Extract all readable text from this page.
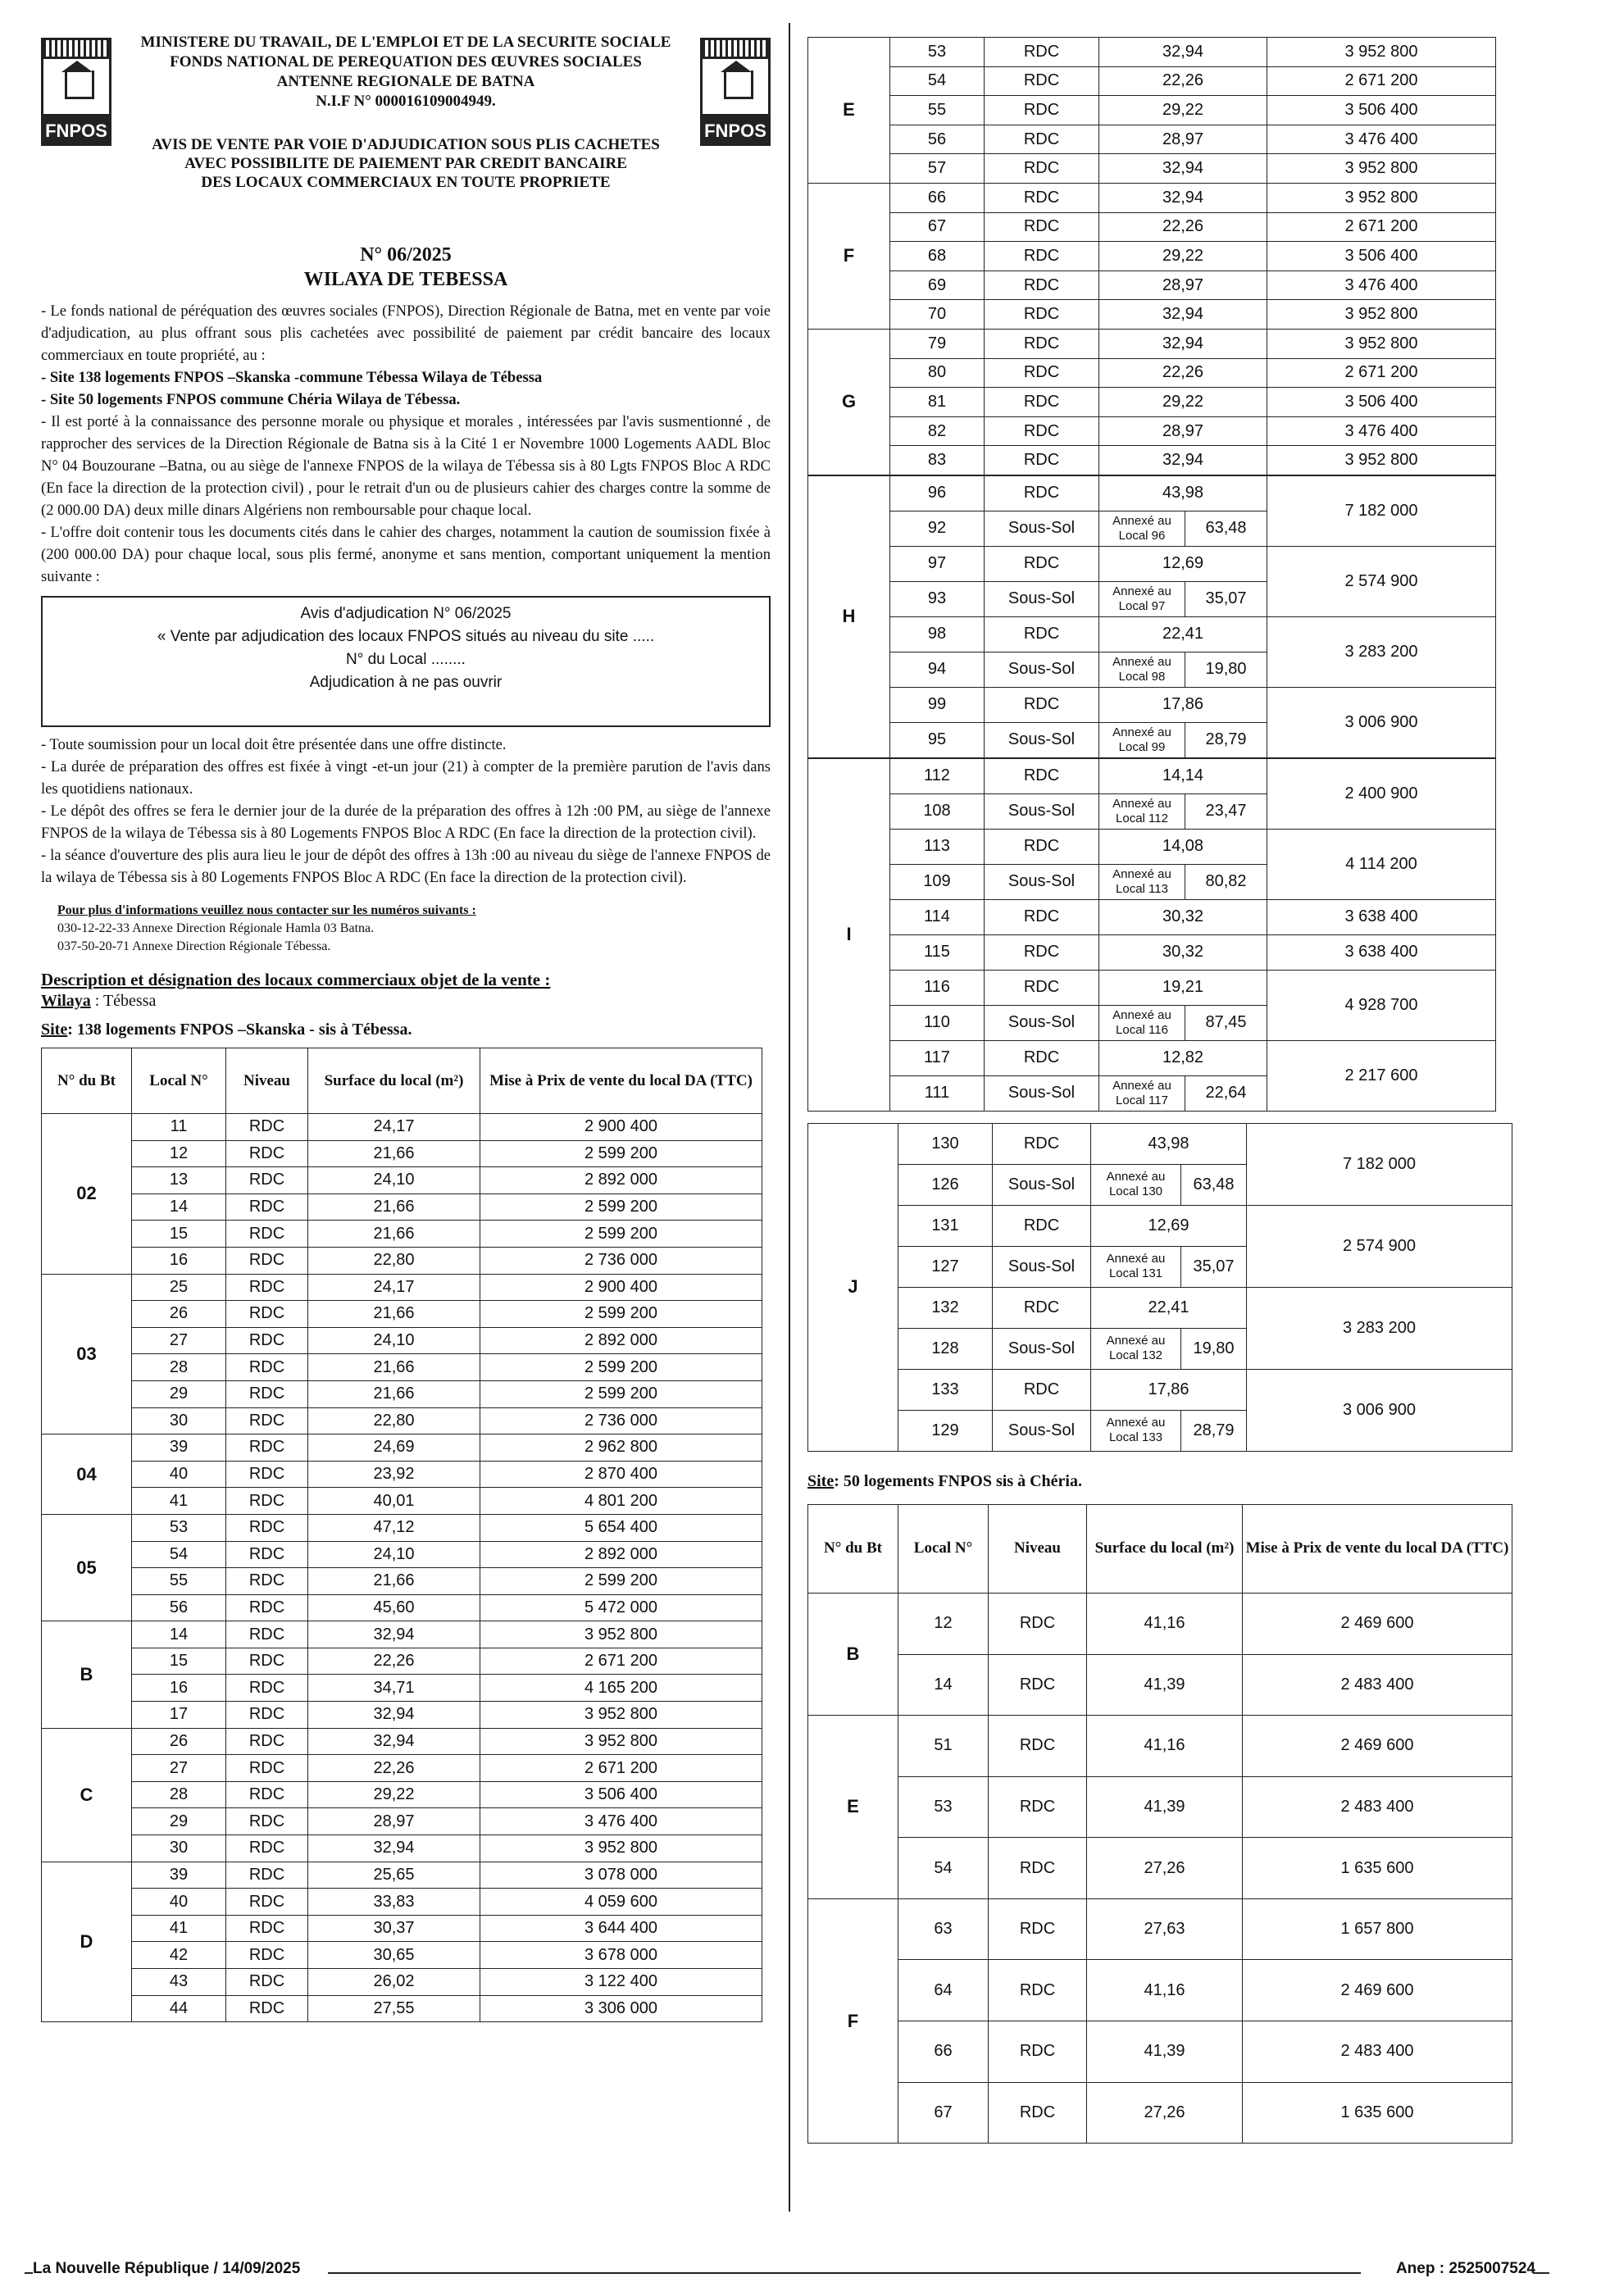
FNPOS	FNPOS
MINISTERE DU TRAVAIL, DE L'EMPLOI ET DE LA SECURITE SOCIALE
FONDS NATIONAL DE PEREQUATION DES ŒUVRES SOCIALES
ANTENNE REGIONALE DE BATNA
N.I.F N° 000016109004949.
AVIS DE VENTE PAR VOIE D'ADJUDICATION SOUS PLIS CACHETES
AVEC POSSIBILITE DE PAIEMENT PAR CREDIT BANCAIRE
DES LOCAUX COMMERCIAUX EN TOUTE PROPRIETE
N° 06/2025
WILAYA DE TEBESSA
- Le fonds national de péréquation des œuvres sociales (FNPOS), Direction Régionale de Batna, met en vente par voie d'adjudication, au plus offrant sous plis cachetées avec possibilité de paiement par crédit bancaire des locaux commerciaux en toute propriété, au :
- Site 138 logements FNPOS –Skanska -commune Tébessa Wilaya de Tébessa
- Site 50 logements FNPOS commune Chéria Wilaya de Tébessa.
- Il est porté à la connaissance des personne morale ou physique et morales , intéressées par l'avis susmentionné , de rapprocher des services de la Direction Régionale de Batna sis à la Cité 1 er Novembre 1000 Logements AADL Bloc N° 04 Bouzourane –Batna, ou au siège de l'annexe FNPOS de la wilaya de Tébessa sis à 80 Lgts FNPOS Bloc A RDC (En face la direction de la protection civil) , pour le retrait d'un ou de plusieurs cahier des charges contre la somme de (2 000.00 DA) deux mille dinars Algériens non remboursable pour chaque local.
- L'offre doit contenir tous les documents cités dans le cahier des charges, notamment la caution de soumission fixée à (200 000.00 DA) pour chaque local, sous plis fermé, anonyme et sans mention, comportant uniquement la mention suivante :
Avis d'adjudication N° 06/2025
« Vente par adjudication des locaux FNPOS situés au niveau du site .....
N° du Local ........
Adjudication à ne pas ouvrir
- Toute soumission pour un local doit être présentée dans une offre distincte.
- La durée de préparation des offres est fixée à vingt -et-un jour (21) à compter de la première parution de l'avis dans les quotidiens nationaux.
- Le dépôt des offres se fera le dernier jour de la durée de la préparation des offres à 12h :00 PM, au siège de l'annexe FNPOS de la wilaya de Tébessa sis à 80 Logements FNPOS Bloc A RDC (En face la direction de la protection civil).
- la séance d'ouverture des plis aura lieu le jour de dépôt des offres à 13h :00 au niveau du siège de l'annexe FNPOS de la wilaya de Tébessa sis à 80 Logements FNPOS Bloc A RDC (En face la direction de la protection civil).
Pour plus d'informations veuillez nous contacter sur les numéros suivants :
030-12-22-33 Annexe Direction Régionale Hamla 03 Batna.
037-50-20-71 Annexe Direction Régionale Tébessa.
Description et désignation des locaux commerciaux objet de la vente :
Wilaya : Tébessa
Site: 138 logements FNPOS –Skanska - sis à Tébessa.
N° du Bt	Local N°	Niveau	Surface du local (m²)	Mise à Prix de vente du local DA (TTC)
02	11	RDC	24,17	2 900 400
	12	RDC	21,66	2 599 200
	13	RDC	24,10	2 892 000
	14	RDC	21,66	2 599 200
	15	RDC	21,66	2 599 200
	16	RDC	22,80	2 736 000
03	25	RDC	24,17	2 900 400
	26	RDC	21,66	2 599 200
	27	RDC	24,10	2 892 000
	28	RDC	21,66	2 599 200
	29	RDC	21,66	2 599 200
	30	RDC	22,80	2 736 000
04	39	RDC	24,69	2 962 800
	40	RDC	23,92	2 870 400
	41	RDC	40,01	4 801 200
05	53	RDC	47,12	5 654 400
	54	RDC	24,10	2 892 000
	55	RDC	21,66	2 599 200
	56	RDC	45,60	5 472 000
B	14	RDC	32,94	3 952 800
	15	RDC	22,26	2 671 200
	16	RDC	34,71	4 165 200
	17	RDC	32,94	3 952 800
C	26	RDC	32,94	3 952 800
	27	RDC	22,26	2 671 200
	28	RDC	29,22	3 506 400
	29	RDC	28,97	3 476 400
	30	RDC	32,94	3 952 800
D	39	RDC	25,65	3 078 000
	40	RDC	33,83	4 059 600
	41	RDC	30,37	3 644 400
	42	RDC	30,65	3 678 000
	43	RDC	26,02	3 122 400
	44	RDC	27,55	3 306 000
E	53	RDC	32,94	3 952 800
	54	RDC	22,26	2 671 200
	55	RDC	29,22	3 506 400
	56	RDC	28,97	3 476 400
	57	RDC	32,94	3 952 800
F	66	RDC	32,94	3 952 800
	67	RDC	22,26	2 671 200
	68	RDC	29,22	3 506 400
	69	RDC	28,97	3 476 400
	70	RDC	32,94	3 952 800
G	79	RDC	32,94	3 952 800
	80	RDC	22,26	2 671 200
	81	RDC	29,22	3 506 400
	82	RDC	28,97	3 476 400
	83	RDC	32,94	3 952 800
H	96	RDC	43,98		7 182 000
	92	Sous-Sol	Annexé au Local 96	63,48	
	97	RDC	12,69		2 574 900
	93	Sous-Sol	Annexé au Local 97	35,07	
	98	RDC	22,41		3 283 200
	94	Sous-Sol	Annexé au Local 98	19,80	
	99	RDC	17,86		3 006 900
	95	Sous-Sol	Annexé au Local 99	28,79	
I	112	RDC	14,14		2 400 900
	108	Sous-Sol	Annexé au Local 112	23,47	
	113	RDC	14,08		4 114 200
	109	Sous-Sol	Annexé au Local 113	80,82	
	114	RDC	30,32		3 638 400
	115	RDC	30,32		3 638 400
	116	RDC	19,21		4 928 700
	110	Sous-Sol	Annexé au Local 116	87,45	
	117	RDC	12,82		2 217 600
	111	Sous-Sol	Annexé au Local 117	22,64	
J	130	RDC	43,98		7 182 000
	126	Sous-Sol	Annexé au Local 130	63,48	
	131	RDC	12,69		2 574 900
	127	Sous-Sol	Annexé au Local 131	35,07	
	132	RDC	22,41		3 283 200
	128	Sous-Sol	Annexé au Local 132	19,80	
	133	RDC	17,86		3 006 900
	129	Sous-Sol	Annexé au Local 133	28,79	
Site: 50 logements FNPOS sis à Chéria.
N° du Bt	Local N°	Niveau	Surface du local (m²)	Mise à Prix de vente du local DA (TTC)
B	12	RDC	41,16	2 469 600
	14	RDC	41,39	2 483 400
E	51	RDC	41,16	2 469 600
	53	RDC	41,39	2 483 400
	54	RDC	27,26	1 635 600
F	63	RDC	27,63	1 657 800
	64	RDC	41,16	2 469 600
	66	RDC	41,39	2 483 400
	67	RDC	27,26	1 635 600
La Nouvelle République / 14/09/2025	Anep : 2525007524
